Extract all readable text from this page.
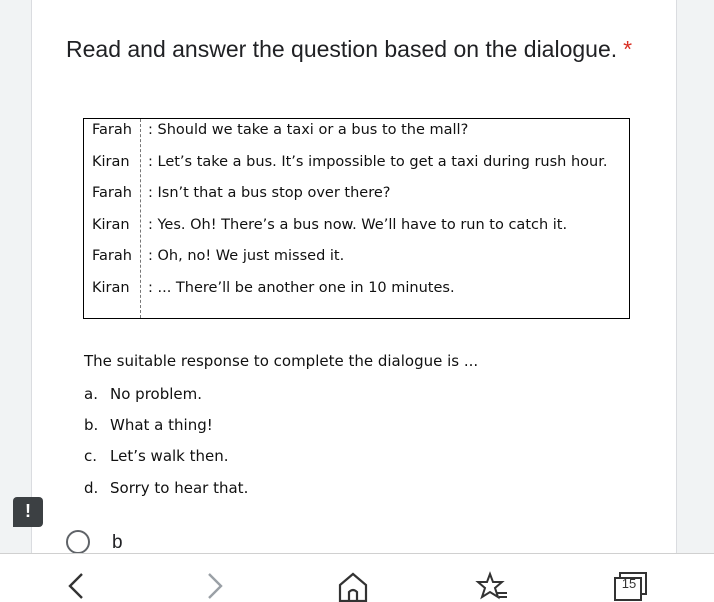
Read and answer the question based on the dialogue. *
Farah : Should we take a taxi or a bus to the mall?
Kiran : Let’s take a bus. It’s impossible to get a taxi during rush hour.
Farah : Isn’t that a bus stop over there?
Kiran : Yes. Oh! There’s a bus now. We’ll have to run to catch it.
Farah : Oh, no! We just missed it.
Kiran : ... There’ll be another one in 10 minutes.
The suitable response to complete the dialogue is ...
a. No problem.
b. What a thing!
c. Let’s walk then.
d. Sorry to hear that.
b
!
15
